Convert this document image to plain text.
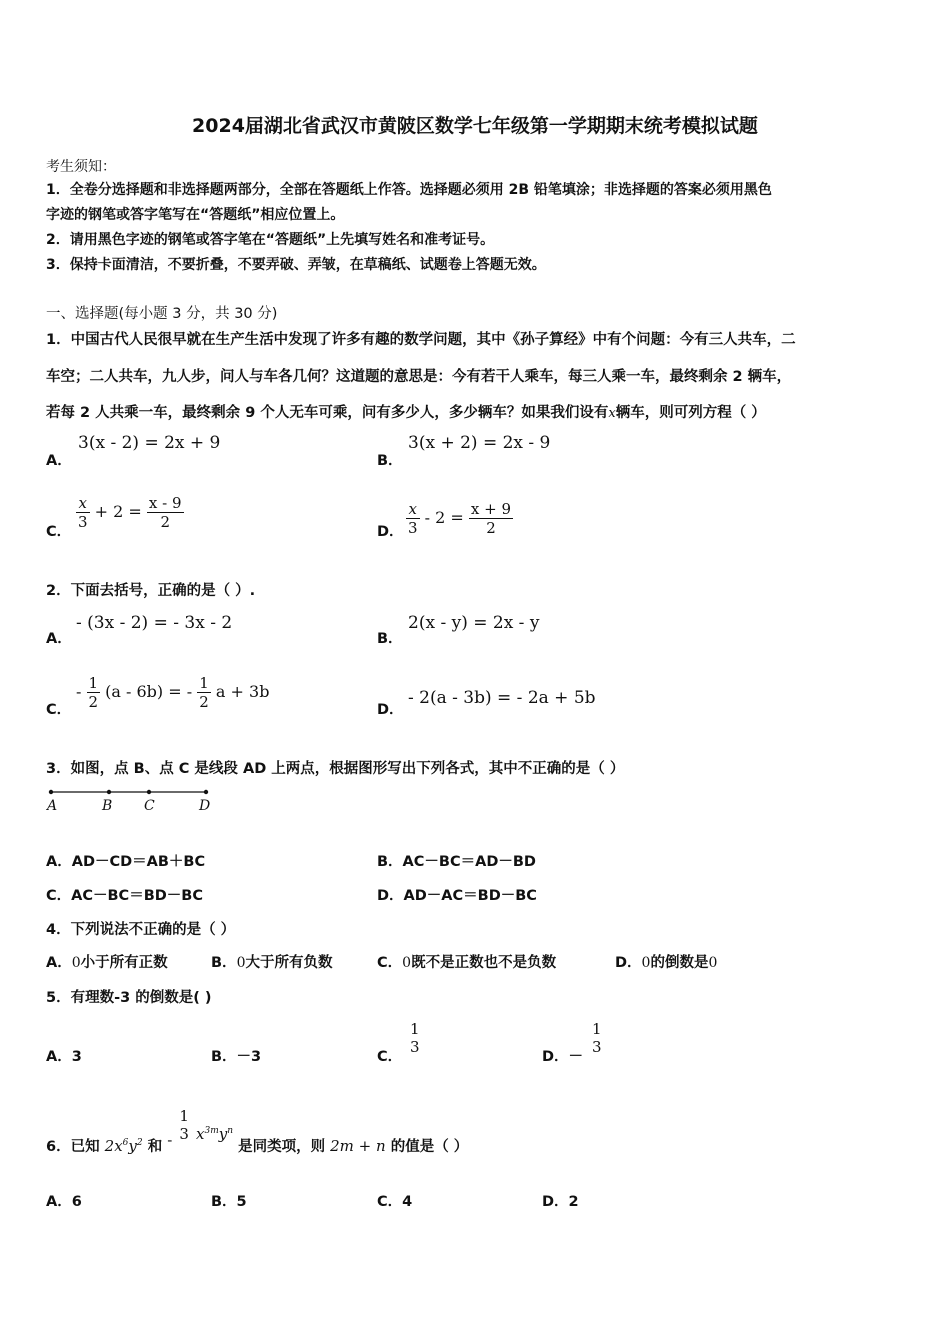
2024届湖北省武汉市黄陂区数学七年级第一学期期末统考模拟试题
考生须知：
1．全卷分选择题和非选择题两部分，全部在答题纸上作答。选择题必须用 2B 铅笔填涂；非选择题的答案必须用黑色
字迹的钢笔或答字笔写在“答题纸”相应位置上。
2．请用黑色字迹的钢笔或答字笔在“答题纸”上先填写姓名和准考证号。
3．保持卡面清洁，不要折叠，不要弄破、弄皱，在草稿纸、试题卷上答题无效。
一、选择题(每小题 3 分，共 30 分)
1．中国古代人民很早就在生产生活中发现了许多有趣的数学问题，其中《孙子算经》中有个问题：今有三人共车，二
车空；二人共车，九人步，问人与车各几何？这道题的意思是：今有若干人乘车，每三人乘一车，最终剩余 2 辆车，
若每 2 人共乘一车，最终剩余 9 个人无车可乘，问有多少人，多少辆车？如果我们设有x辆车，则可列方程（ ）
A．
3(x - 2) = 2x + 9
B．
3(x + 2) = 2x - 9
C．
$\frac{x}{3} + 2 = \frac{x - 9}{2}$
D． $\frac{x}{3} - 2 = \frac{x + 9}{2}$
2．下面去括号，正确的是（ ）.
A．
- (3x - 2) = - 3x - 2
B．
2(x - y) = 2x - y
C．
- $\frac{1}{2} (a - 6b)$ = - $\frac{1}{2}$ a + 3b
D．
- 2(a - 3b) = - 2a + 5b
3．如图，点 B、点 C 是线段 AD 上两点，根据图形写出下列各式，其中不正确的是（ ）
A	B C	D
A．AD－CD＝AB＋BC	B．AC－BC＝AD－BD
C．AC－BC＝BD－BC	D．AD－AC＝BD－BC
4．下列说法不正确的是（ ）
A．0小于所有正数	B．0大于所有负数	C．0既不是正数也不是负数	D．0的倒数是0
5．有理数-3 的倒数是( )
A．3	B．－3	C．
1
3
D．－
1
3
6．已知 $2x^6y^2$ 和 -
1
3 $x^{3m}y^n$ 是同类项，则 2m + n 的值是（ ）
A．6	B．5	C．4	D．2
